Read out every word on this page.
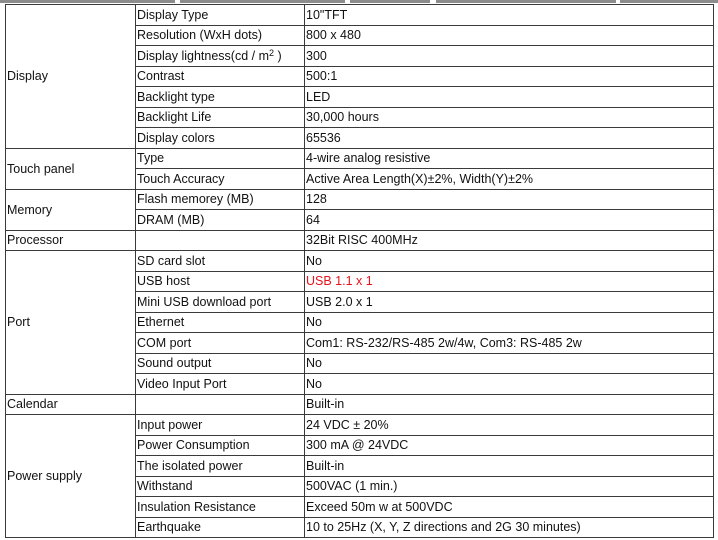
Display	Display Type	10"TFT
	Resolution (WxH dots)	800 x 480
	Display lightness(cd / $m^2$ )	300
	Contrast	500:1
	Backlight type	LED
	Backlight Life	30,000 hours
	Display colors	65536
Touch panel	Type	4-wire analog resistive
	Touch Accuracy	Active Area Length(X)±2%, Width(Y)±2%
Memory	Flash memorey (MB)	128
	DRAM (MB)	64
Processor		32Bit RISC 400MHz
Port	SD card slot	No
	USB host	USB 1.1 x 1
	Mini USB download port	USB 2.0 x 1
	Ethernet	No
	COM port	Com1: RS-232/RS-485 2w/4w, Com3: RS-485 2w
	Sound output	No
	Video Input Port	No
Calendar		Built-in
Power supply	Input power	24 VDC ± 20%
	Power Consumption	300 mA @ 24VDC
	The isolated power	Built-in
	Withstand	500VAC (1 min.)
	Insulation Resistance	Exceed 50m w at 500VDC
	Earthquake	10 to 25Hz (X, Y, Z directions and 2G 30 minutes)
